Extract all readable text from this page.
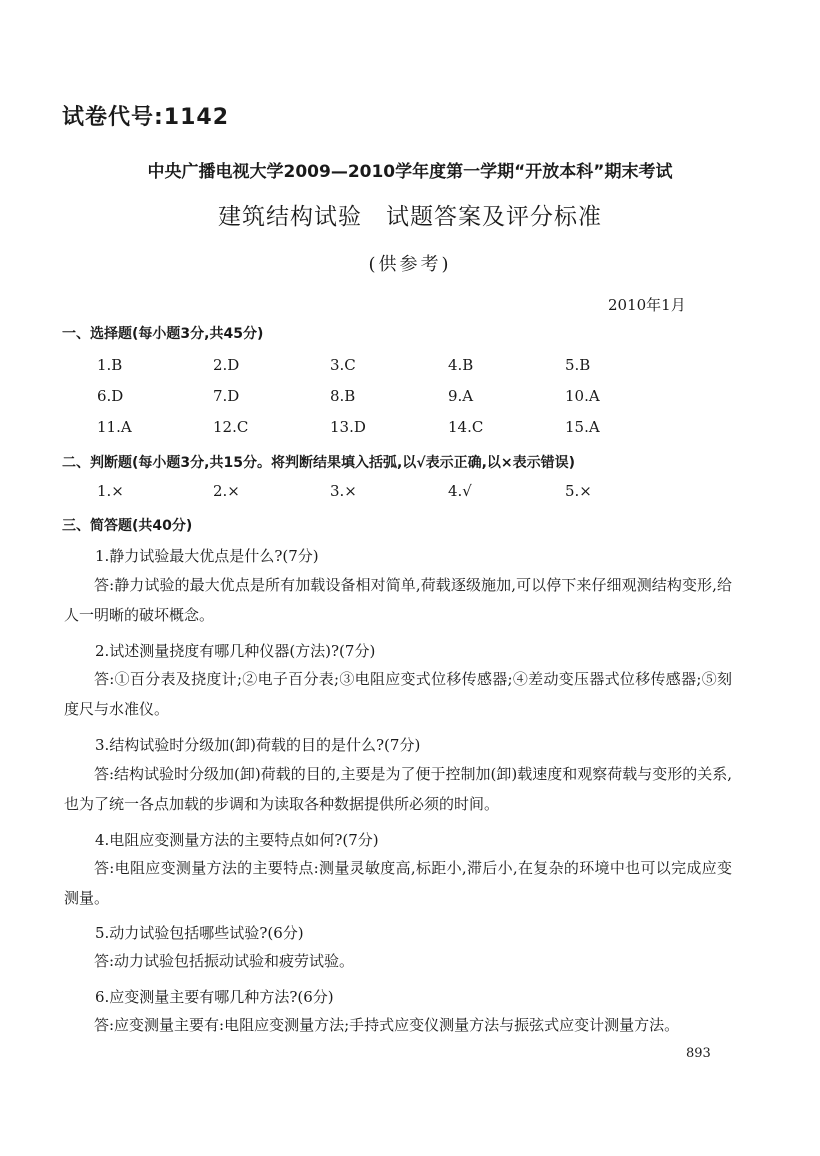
试卷代号:1142
中央广播电视大学2009—2010学年度第一学期“开放本科”期末考试
建筑结构试验　试题答案及评分标准
(供参考)
2010年1月
一、选择题(每小题3分,共45分)
1.B	2.D	3.C	4.B	5.B
6.D	7.D	8.B	9.A	10.A
11.A	12.C	13.D	14.C	15.A
二、判断题(每小题3分,共15分。将判断结果填入括弧,以√表示正确,以×表示错误)
1.×	2.×	3.×	4.√	5.×
三、简答题(共40分)
1.静力试验最大优点是什么?(7分)
答:静力试验的最大优点是所有加载设备相对简单,荷载逐级施加,可以停下来仔细观测结构变形,给人一明晰的破坏概念。
2.试述测量挠度有哪几种仪器(方法)?(7分)
答:①百分表及挠度计;②电子百分表;③电阻应变式位移传感器;④差动变压器式位移传感器;⑤刻度尺与水准仪。
3.结构试验时分级加(卸)荷载的目的是什么?(7分)
答:结构试验时分级加(卸)荷载的目的,主要是为了便于控制加(卸)载速度和观察荷载与变形的关系,也为了统一各点加载的步调和为读取各种数据提供所必须的时间。
4.电阻应变测量方法的主要特点如何?(7分)
答:电阻应变测量方法的主要特点:测量灵敏度高,标距小,滞后小,在复杂的环境中也可以完成应变测量。
5.动力试验包括哪些试验?(6分)
答:动力试验包括振动试验和疲劳试验。
6.应变测量主要有哪几种方法?(6分)
答:应变测量主要有:电阻应变测量方法;手持式应变仪测量方法与振弦式应变计测量方法。
893
